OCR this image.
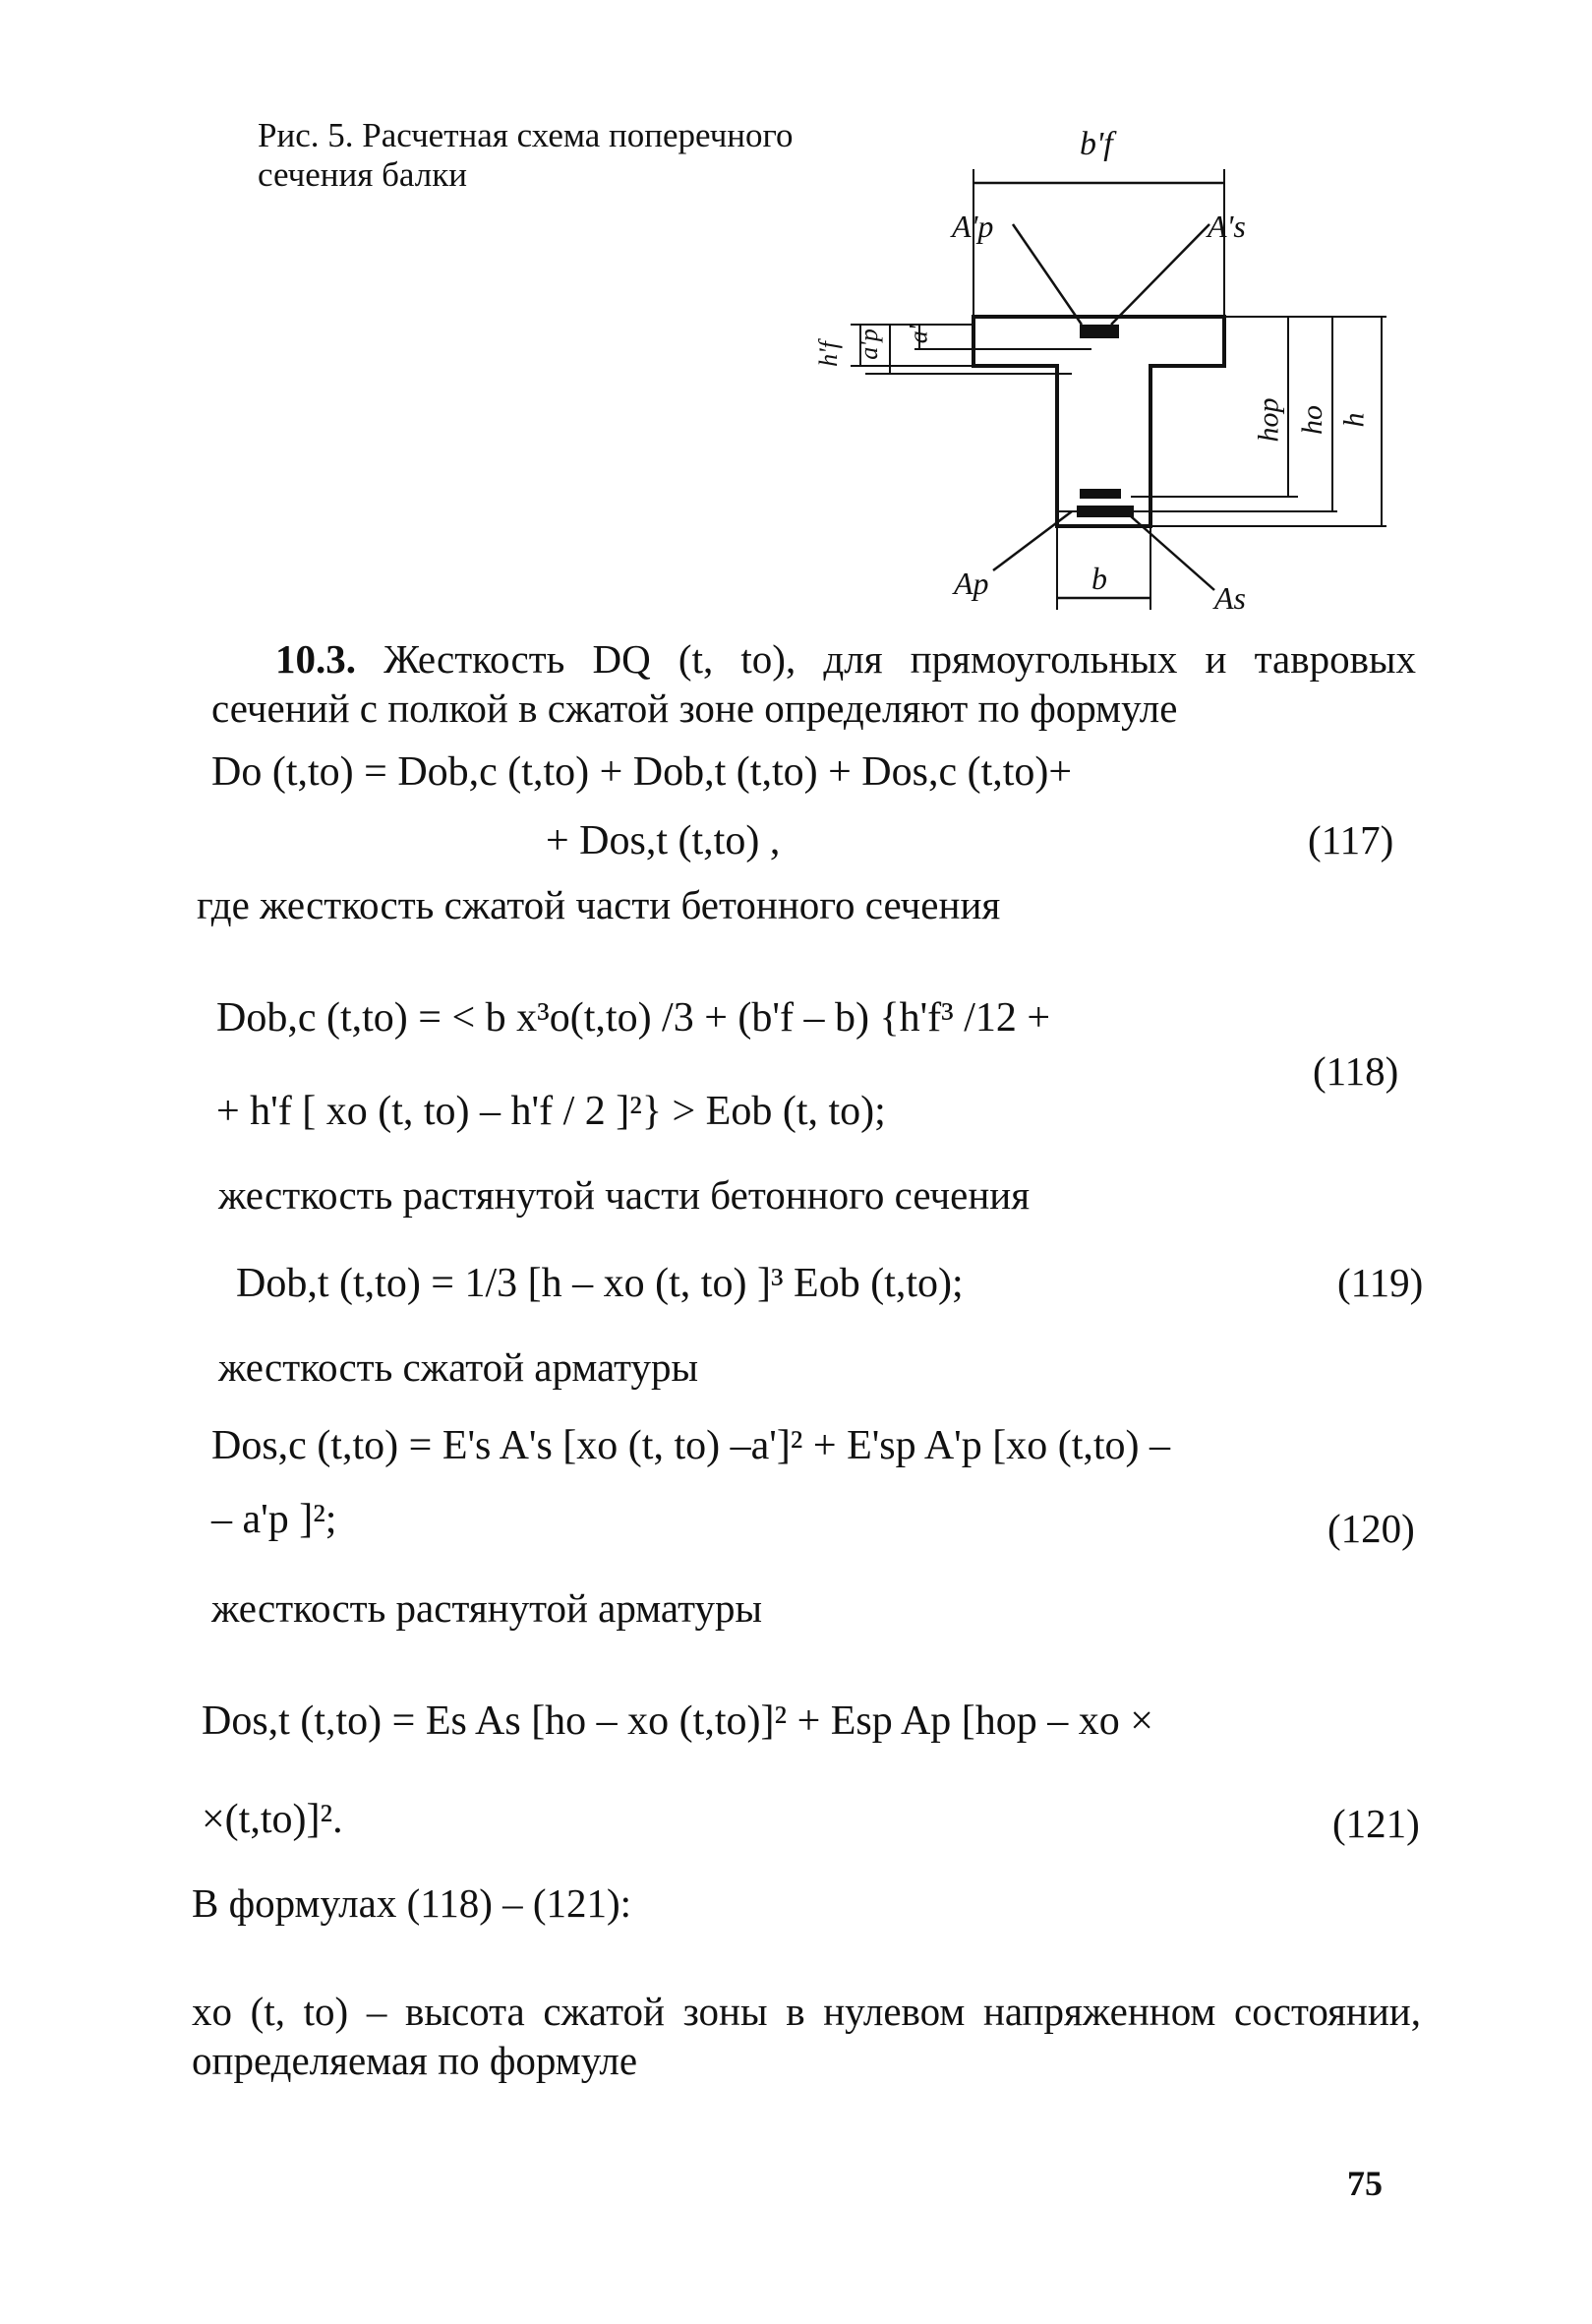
Рис. 5. Расчетная схема поперечного сечения балки
b'f
A'p	A's
h'f a'p a'
hop ho h
Ap	b
As
10.3. Жесткость DQ (t, to), для прямоугольных и тавровых сечений с полкой в сжатой зоне определяют по формуле
Do (t,to) = Dob,c (t,to) + Dob,t (t,to) + Dos,c (t,to)+
+ Dos,t (t,to) ,	(117)
где жесткость сжатой части бетонного сечения
Dob,c (t,to) = < b x³o(t,to) /3 + (b'f – b) {h'f³ /12 +
+ h'f [ xo (t, to) – h'f / 2 ]²} > Eob (t, to);
(118)
жесткость растянутой части бетонного сечения
Dob,t (t,to) = 1/3 [h – xo (t, to) ]³ Eob (t,to);	(119)
жесткость сжатой арматуры
Dos,c (t,to) = E's A's [xo (t, to) –a']² + E'sp A'p [xo (t,to) –
– a'p ]²;	(120)
жесткость растянутой арматуры
Dos,t (t,to) = Es As [ho – xo (t,to)]² + Esp Ap [hop – xo ×
×(t,to)]².	(121)
В формулах (118) – (121):
xo (t, to) – высота сжатой зоны в нулевом напряженном состоянии, определяемая по формуле
75
